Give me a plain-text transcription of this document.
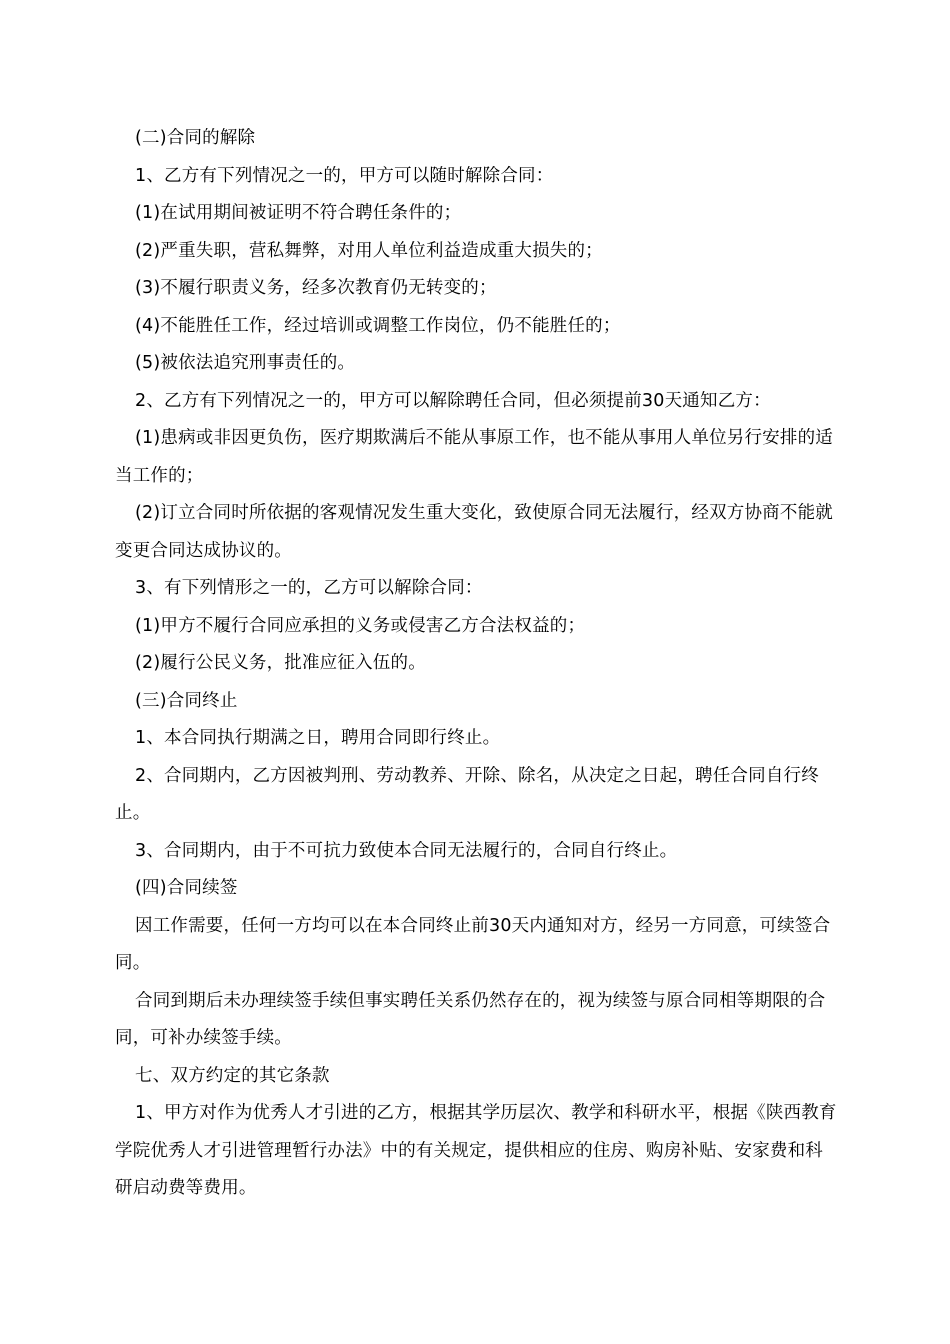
(二)合同的解除

1、乙方有下列情况之一的，甲方可以随时解除合同：

(1)在试用期间被证明不符合聘任条件的；

(2)严重失职，营私舞弊，对用人单位利益造成重大损失的；

(3)不履行职责义务，经多次教育仍无转变的；

(4)不能胜任工作，经过培训或调整工作岗位，仍不能胜任的；

(5)被依法追究刑事责任的。

2、乙方有下列情况之一的，甲方可以解除聘任合同，但必须提前30天通知乙方：

(1)患病或非因更负伤，医疗期欺满后不能从事原工作，也不能从事用人单位另行安排的适当工作的；

(2)订立合同时所依据的客观情况发生重大变化，致使原合同无法履行，经双方协商不能就变更合同达成协议的。

3、有下列情形之一的，乙方可以解除合同：

(1)甲方不履行合同应承担的义务或侵害乙方合法权益的；

(2)履行公民义务，批准应征入伍的。

(三)合同终止

1、本合同执行期满之日，聘用合同即行终止。

2、合同期内，乙方因被判刑、劳动教养、开除、除名，从决定之日起，聘任合同自行终止。

3、合同期内，由于不可抗力致使本合同无法履行的，合同自行终止。

(四)合同续签

因工作需要，任何一方均可以在本合同终止前30天内通知对方，经另一方同意，可续签合同。

合同到期后未办理续签手续但事实聘任关系仍然存在的，视为续签与原合同相等期限的合同，可补办续签手续。

七、双方约定的其它条款

1、甲方对作为优秀人才引进的乙方，根据其学历层次、教学和科研水平，根据《陕西教育学院优秀人才引进管理暂行办法》中的有关规定，提供相应的住房、购房补贴、安家费和科研启动费等费用。
